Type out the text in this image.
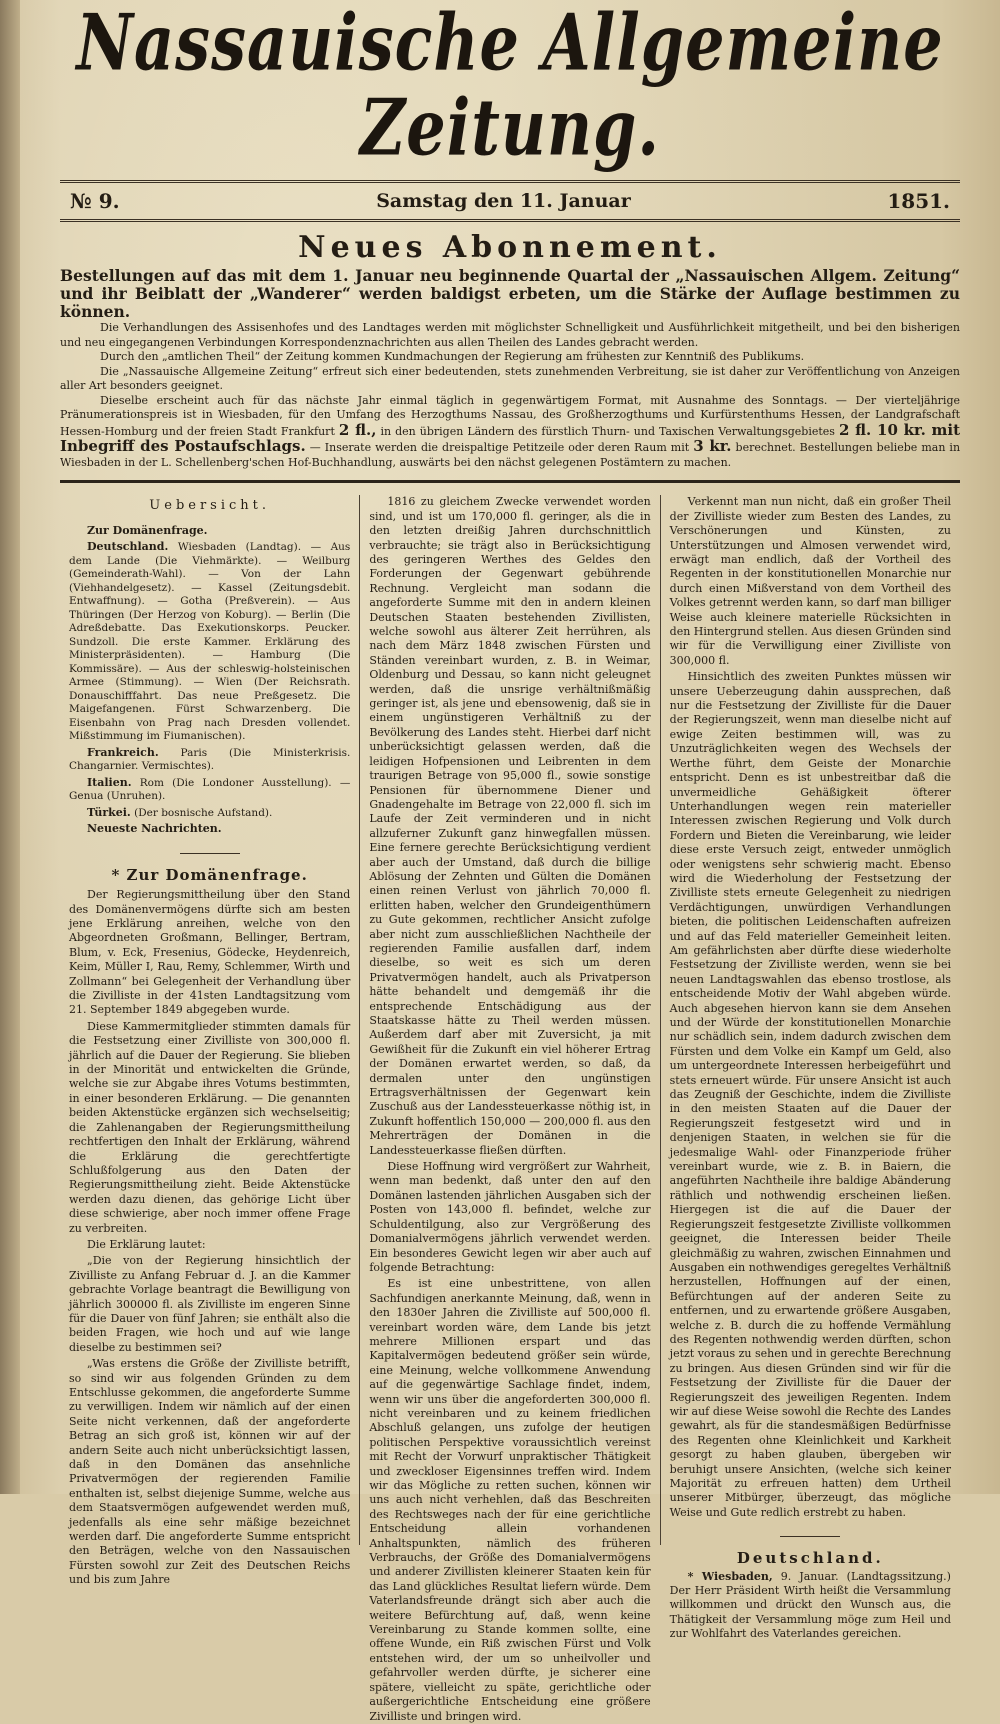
Nassauische Allgemeine Zeitung.
№ 9.	Samstag den 11. Januar	1851.
Neues Abonnement.
Bestellungen auf das mit dem 1. Januar neu beginnende Quartal der „Nassauischen Allgem. Zeitung“ und ihr Beiblatt der „Wanderer“ werden baldigst erbeten, um die Stärke der Auflage bestimmen zu können.
Die Verhandlungen des Assisenhofes und des Landtages werden mit möglichster Schnelligkeit und Ausführlichkeit mitgetheilt, und bei den bisherigen und neu eingegangenen Verbindungen Korrespondenznachrichten aus allen Theilen des Landes gebracht werden.
Durch den „amtlichen Theil“ der Zeitung kommen Kundmachungen der Regierung am frühesten zur Kenntniß des Publikums.
Die „Nassauische Allgemeine Zeitung“ erfreut sich einer bedeutenden, stets zunehmenden Verbreitung, sie ist daher zur Veröffentlichung von Anzeigen aller Art besonders geeignet.
Dieselbe erscheint auch für das nächste Jahr einmal täglich in gegenwärtigem Format, mit Ausnahme des Sonntags. — Der vierteljährige Pränumerationspreis ist in Wiesbaden, für den Umfang des Herzogthums Nassau, des Großherzogthums und Kurfürstenthums Hessen, der Landgrafschaft Hessen-Homburg und der freien Stadt Frankfurt 2 fl., in den übrigen Ländern des fürstlich Thurn- und Taxischen Verwaltungsgebietes 2 fl. 10 kr. mit Inbegriff des Postaufschlags. — Inserate werden die dreispaltige Petitzeile oder deren Raum mit 3 kr. berechnet. Bestellungen beliebe man in Wiesbaden in der L. Schellenberg'schen Hof-Buchhandlung, auswärts bei den nächst gelegenen Postämtern zu machen.
Uebersicht.

Zur Domänenfrage.

Deutschland. Wiesbaden (Landtag). — Aus dem Lande (Die Viehmärkte). — Weilburg (Gemeinderath-Wahl). — Von der Lahn (Viehhandelgesetz). — Kassel (Zeitungsdebit. Entwaffnung). — Gotha (Preßverein). — Aus Thüringen (Der Herzog von Koburg). — Berlin (Die Adreßdebatte. Das Exekutionskorps. Peucker. Sundzoll. Die erste Kammer. Erklärung des Ministerpräsidenten). — Hamburg (Die Kommissäre). — Aus der schleswig-holsteinischen Armee (Stimmung). — Wien (Der Reichsrath. Donauschifffahrt. Das neue Preßgesetz. Die Maigefangenen. Fürst Schwarzenberg. Die Eisenbahn von Prag nach Dresden vollendet. Mißstimmung im Fiumanischen).

Frankreich. Paris (Die Ministerkrisis. Changarnier. Vermischtes).

Italien. Rom (Die Londoner Ausstellung). — Genua (Unruhen).

Türkei. (Der bosnische Aufstand).

Neueste Nachrichten.

* Zur Domänenfrage.

Der Regierungsmittheilung über den Stand des Domänenvermögens dürfte sich am besten jene Erklärung anreihen, welche von den Abgeordneten Großmann, Bellinger, Bertram, Blum, v. Eck, Fresenius, Gödecke, Heydenreich, Keim, Müller I, Rau, Remy, Schlemmer, Wirth und Zollmann“ bei Gelegenheit der Verhandlung über die Zivilliste in der 41sten Landtagsitzung vom 21. September 1849 abgegeben wurde.

Diese Kammermitglieder stimmten damals für die Festsetzung einer Zivilliste von 300,000 fl. jährlich auf die Dauer der Regierung. Sie blieben in der Minorität und entwickelten die Gründe, welche sie zur Abgabe ihres Votums bestimmten, in einer besonderen Erklärung. — Die genannten beiden Aktenstücke ergänzen sich wechselseitig; die Zahlenangaben der Regierungsmittheilung rechtfertigen den Inhalt der Erklärung, während die Erklärung die gerechtfertigte Schlußfolgerung aus den Daten der Regierungsmittheilung zieht. Beide Aktenstücke werden dazu dienen, das gehörige Licht über diese schwierige, aber noch immer offene Frage zu verbreiten.

Die Erklärung lautet:

„Die von der Regierung hinsichtlich der Zivilliste zu Anfang Februar d. J. an die Kammer gebrachte Vorlage beantragt die Bewilligung von jährlich 300000 fl. als Zivilliste im engeren Sinne für die Dauer von fünf Jahren; sie enthält also die beiden Fragen, wie hoch und auf wie lange dieselbe zu bestimmen sei?

„Was erstens die Größe der Zivilliste betrifft, so sind wir aus folgenden Gründen zu dem Entschlusse gekommen, die angeforderte Summe zu verwilligen. Indem wir nämlich auf der einen Seite nicht verkennen, daß der angeforderte Betrag an sich groß ist, können wir auf der andern Seite auch nicht unberücksichtigt lassen, daß in den Domänen das ansehnliche Privatvermögen der regierenden Familie enthalten ist, selbst diejenige Summe, welche aus dem Staatsvermögen aufgewendet werden muß, jedenfalls als eine sehr mäßige bezeichnet werden darf. Die angeforderte Summe entspricht den Beträgen, welche von den Nassauischen Fürsten sowohl zur Zeit des Deutschen Reichs und bis zum Jahre

1816 zu gleichem Zwecke verwendet worden sind, und ist um 170,000 fl. geringer, als die in den letzten dreißig Jahren durchschnittlich verbrauchte; sie trägt also in Berücksichtigung des geringeren Werthes des Geldes den Forderungen der Gegenwart gebührende Rechnung. Vergleicht man sodann die angeforderte Summe mit den in andern kleinen Deutschen Staaten bestehenden Zivillisten, welche sowohl aus älterer Zeit herrühren, als nach dem März 1848 zwischen Fürsten und Ständen vereinbart wurden, z. B. in Weimar, Oldenburg und Dessau, so kann nicht geleugnet werden, daß die unsrige verhältnißmäßig geringer ist, als jene und ebensowenig, daß sie in einem ungünstigeren Verhältniß zu der Bevölkerung des Landes steht. Hierbei darf nicht unberücksichtigt gelassen werden, daß die leidigen Hofpensionen und Leibrenten in dem traurigen Betrage von 95,000 fl., sowie sonstige Pensionen für übernommene Diener und Gnadengehalte im Betrage von 22,000 fl. sich im Laufe der Zeit verminderen und in nicht allzuferner Zukunft ganz hinwegfallen müssen. Eine fernere gerechte Berücksichtigung verdient aber auch der Umstand, daß durch die billige Ablösung der Zehnten und Gülten die Domänen einen reinen Verlust von jährlich 70,000 fl. erlitten haben, welcher den Grundeigenthümern zu Gute gekommen, rechtlicher Ansicht zufolge aber nicht zum ausschließlichen Nachtheile der regierenden Familie ausfallen darf, indem dieselbe, so weit es sich um deren Privatvermögen handelt, auch als Privatperson hätte behandelt und demgemäß ihr die entsprechende Entschädigung aus der Staatskasse hätte zu Theil werden müssen. Außerdem darf aber mit Zuversicht, ja mit Gewißheit für die Zukunft ein viel höherer Ertrag der Domänen erwartet werden, so daß, da dermalen unter den ungünstigen Ertragsverhältnissen der Gegenwart kein Zuschuß aus der Landessteuerkasse nöthig ist, in Zukunft hoffentlich 150,000 — 200,000 fl. aus den Mehrerträgen der Domänen in die Landessteuerkasse fließen dürften.

Diese Hoffnung wird vergrößert zur Wahrheit, wenn man bedenkt, daß unter den auf den Domänen lastenden jährlichen Ausgaben sich der Posten von 143,000 fl. befindet, welche zur Schuldentilgung, also zur Vergrößerung des Domanialvermögens jährlich verwendet werden. Ein besonderes Gewicht legen wir aber auch auf folgende Betrachtung:

Es ist eine unbestrittene, von allen Sachfundigen anerkannte Meinung, daß, wenn in den 1830er Jahren die Zivilliste auf 500,000 fl. vereinbart worden wäre, dem Lande bis jetzt mehrere Millionen erspart und das Kapitalvermögen bedeutend größer sein würde, eine Meinung, welche vollkommene Anwendung auf die gegenwärtige Sachlage findet, indem, wenn wir uns über die angeforderten 300,000 fl. nicht vereinbaren und zu keinem friedlichen Abschluß gelangen, uns zufolge der heutigen politischen Perspektive voraussichtlich vereinst mit Recht der Vorwurf unpraktischer Thätigkeit und zweckloser Eigensinnes treffen wird. Indem wir das Mögliche zu retten suchen, können wir uns auch nicht verhehlen, daß das Beschreiten des Rechtsweges nach der für eine gerichtliche Entscheidung allein vorhandenen Anhaltspunkten, nämlich des früheren Verbrauchs, der Größe des Domanialvermögens und anderer Zivillisten kleinerer Staaten kein für das Land glückliches Resultat liefern würde. Dem Vaterlandsfreunde drängt sich aber auch die weitere Befürchtung auf, daß, wenn keine Vereinbarung zu Stande kommen sollte, eine offene Wunde, ein Riß zwischen Fürst und Volk entstehen wird, der um so unheilvoller und gefahrvoller werden dürfte, je sicherer eine spätere, vielleicht zu späte, gerichtliche oder außergerichtliche Entscheidung eine größere Zivilliste und bringen wird.

Verkennt man nun nicht, daß ein großer Theil der Zivilliste wieder zum Besten des Landes, zu Verschönerungen und Künsten, zu Unterstützungen und Almosen verwendet wird, erwägt man endlich, daß der Vortheil des Regenten in der konstitutionellen Monarchie nur durch einen Mißverstand von dem Vortheil des Volkes getrennt werden kann, so darf man billiger Weise auch kleinere materielle Rücksichten in den Hintergrund stellen. Aus diesen Gründen sind wir für die Verwilligung einer Zivilliste von 300,000 fl.

Hinsichtlich des zweiten Punktes müssen wir unsere Ueberzeugung dahin aussprechen, daß nur die Festsetzung der Zivilliste für die Dauer der Regierungszeit, wenn man dieselbe nicht auf ewige Zeiten bestimmen will, was zu Unzuträglichkeiten wegen des Wechsels der Werthe führt, dem Geiste der Monarchie entspricht. Denn es ist unbestreitbar daß die unvermeidliche Gehäßigkeit öfterer Unterhandlungen wegen rein materieller Interessen zwischen Regierung und Volk durch Fordern und Bieten die Vereinbarung, wie leider diese erste Versuch zeigt, entweder unmöglich oder wenigstens sehr schwierig macht. Ebenso wird die Wiederholung der Festsetzung der Zivilliste stets erneute Gelegenheit zu niedrigen Verdächtigungen, unwürdigen Verhandlungen bieten, die politischen Leidenschaften aufreizen und auf das Feld materieller Gemeinheit leiten. Am gefährlichsten aber dürfte diese wiederholte Festsetzung der Zivilliste werden, wenn sie bei neuen Landtagswahlen das ebenso trostlose, als entscheidende Motiv der Wahl abgeben würde. Auch abgesehen hiervon kann sie dem Ansehen und der Würde der konstitutionellen Monarchie nur schädlich sein, indem dadurch zwischen dem Fürsten und dem Volke ein Kampf um Geld, also um untergeordnete Interessen herbeigeführt und stets erneuert würde. Für unsere Ansicht ist auch das Zeugniß der Geschichte, indem die Zivilliste in den meisten Staaten auf die Dauer der Regierungszeit festgesetzt wird und in denjenigen Staaten, in welchen sie für die jedesmalige Wahl- oder Finanzperiode früher vereinbart wurde, wie z. B. in Baiern, die angeführten Nachtheile ihre baldige Abänderung räthlich und nothwendig erscheinen ließen. Hiergegen ist die auf die Dauer der Regierungszeit festgesetzte Zivilliste vollkommen geeignet, die Interessen beider Theile gleichmäßig zu wahren, zwischen Einnahmen und Ausgaben ein nothwendiges geregeltes Verhältniß herzustellen, Hoffnungen auf der einen, Befürchtungen auf der anderen Seite zu entfernen, und zu erwartende größere Ausgaben, welche z. B. durch die zu hoffende Vermählung des Regenten nothwendig werden dürften, schon jetzt voraus zu sehen und in gerechte Berechnung zu bringen. Aus diesen Gründen sind wir für die Festsetzung der Zivilliste für die Dauer der Regierungszeit des jeweiligen Regenten. Indem wir auf diese Weise sowohl die Rechte des Landes gewahrt, als für die standesmäßigen Bedürfnisse des Regenten ohne Kleinlichkeit und Karkheit gesorgt zu haben glauben, übergeben wir beruhigt unsere Ansichten, (welche sich keiner Majorität zu erfreuen hatten) dem Urtheil unserer Mitbürger, überzeugt, das mögliche Weise und Gute redlich erstrebt zu haben.

Deutschland.

* Wiesbaden, 9. Januar. (Landtagssitzung.) Der Herr Präsident Wirth heißt die Versammlung willkommen und drückt den Wunsch aus, die Thätigkeit der Versammlung möge zum Heil und zur Wohlfahrt des Vaterlandes gereichen.
